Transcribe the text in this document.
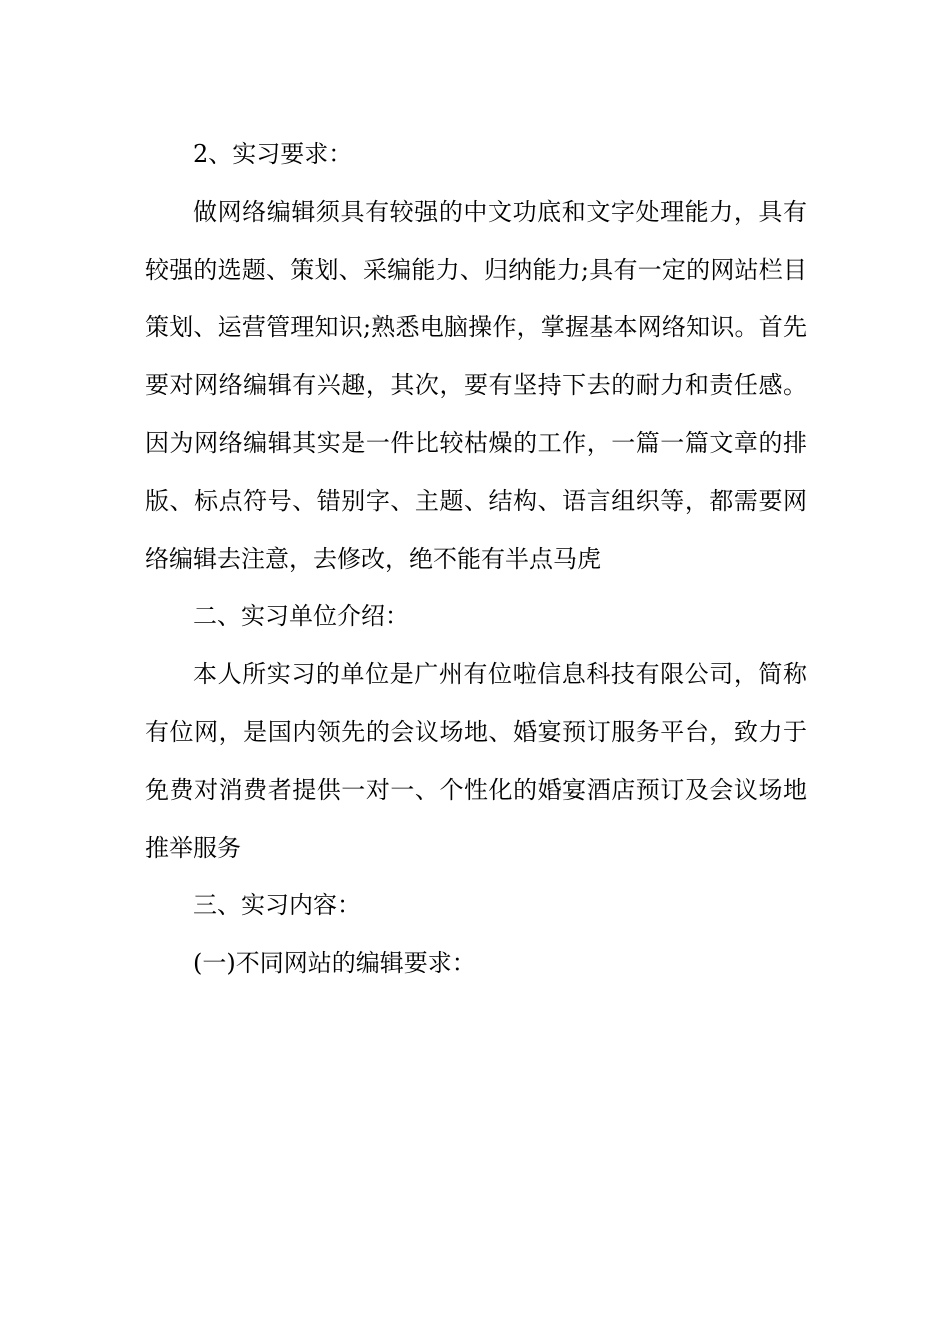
2、实习要求：

做网络编辑须具有较强的中文功底和文字处理能力，具有较强的选题、策划、采编能力、归纳能力;具有一定的网站栏目策划、运营管理知识;熟悉电脑操作，掌握基本网络知识。首先要对网络编辑有兴趣，其次，要有坚持下去的耐力和责任感。因为网络编辑其实是一件比较枯燥的工作，一篇一篇文章的排版、标点符号、错别字、主题、结构、语言组织等，都需要网络编辑去注意，去修改，绝不能有半点马虎

二、实习单位介绍：

本人所实习的单位是广州有位啦信息科技有限公司，简称有位网，是国内领先的会议场地、婚宴预订服务平台，致力于免费对消费者提供一对一、个性化的婚宴酒店预订及会议场地推举服务

三、实习内容：

(一)不同网站的编辑要求：
